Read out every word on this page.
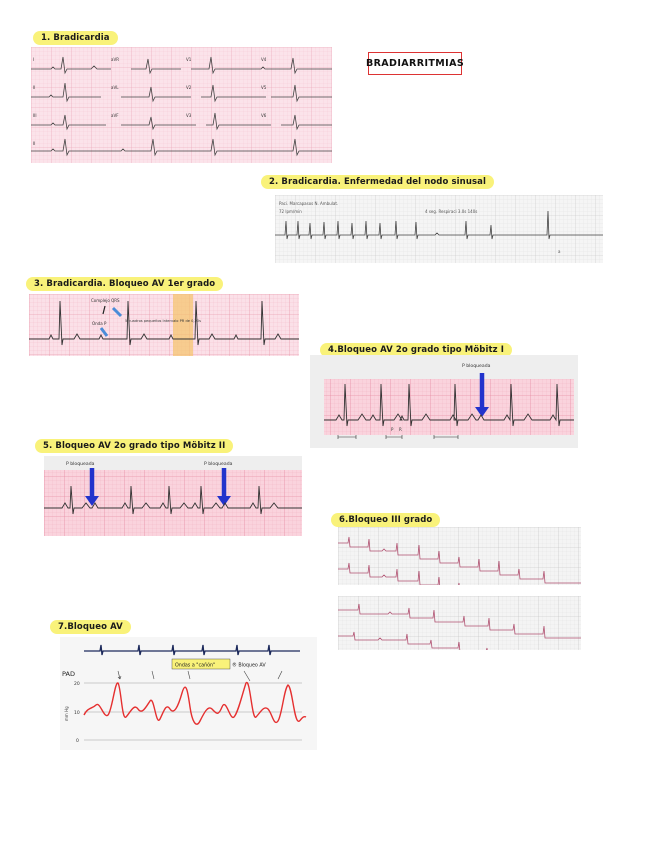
BRADIARRITMIAS
1. Bradicardia
I	aVR	V1	V4
II	aVL	V2	V5
III	aVF	V3	V6
II
2. Bradicardia. Enfermedad del nodo sinusal
Paci. Marcapasos N. Ambulat.
72 lpm/min	4 seg. Respiraci 3.0s 140s
a
3. Bradicardia. Bloqueo AV 1er grado
Complejo QRS
Onda P	5 cuadros pequeños Intervalo PR de 0,20s
4.Bloqueo AV 2o grado tipo Möbitz I
P bloqueada
P R
5. Bloqueo AV 2o grado tipo Möbitz II
P bloqueada	P bloqueada
6.Bloqueo III grado
7.Bloqueo AV
PAD
20
10
0
mm Hg
Ondas a "cañón"	® Bloqueo AV
